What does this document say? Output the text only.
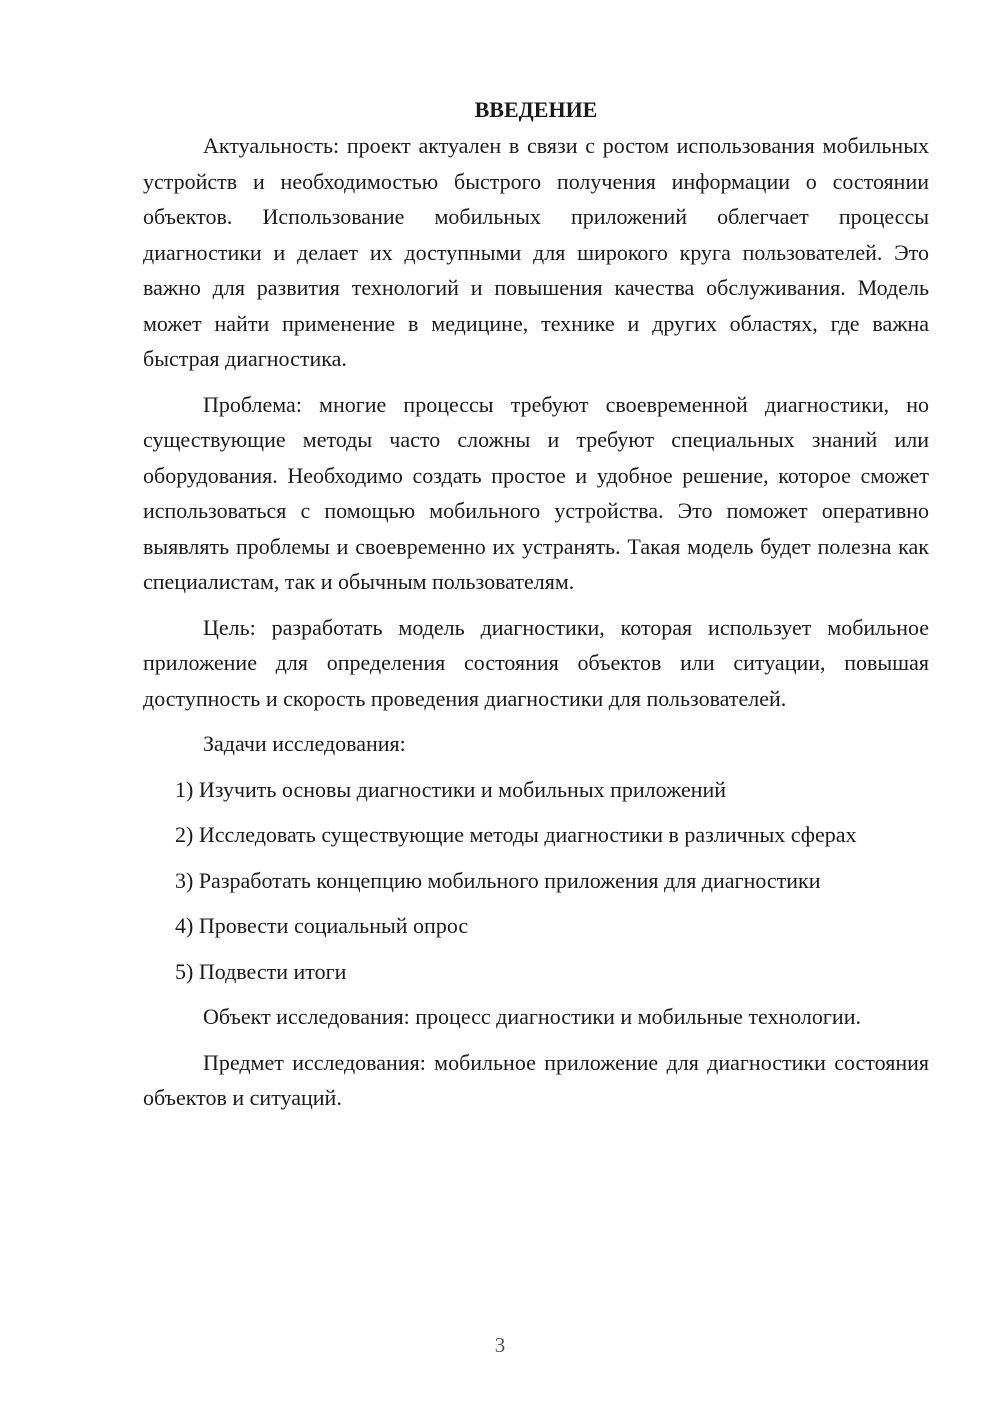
ВВЕДЕНИЕ

Актуальность: проект актуален в связи с ростом использования мобильных устройств и необходимостью быстрого получения информации о состоянии объектов. Использование мобильных приложений облегчает процессы диагностики и делает их доступными для широкого круга пользователей. Это важно для развития технологий и повышения качества обслуживания. Модель может найти применение в медицине, технике и других областях, где важна быстрая диагностика.

Проблема: многие процессы требуют своевременной диагностики, но существующие методы часто сложны и требуют специальных знаний или оборудования. Необходимо создать простое и удобное решение, которое сможет использоваться с помощью мобильного устройства. Это поможет оперативно выявлять проблемы и своевременно их устранять. Такая модель будет полезна как специалистам, так и обычным пользователям.

Цель: разработать модель диагностики, которая использует мобильное приложение для определения состояния объектов или ситуации, повышая доступность и скорость проведения диагностики для пользователей.

Задачи исследования:

1) Изучить основы диагностики и мобильных приложений

2) Исследовать существующие методы диагностики в различных сферах

3) Разработать концепцию мобильного приложения для диагностики

4) Провести социальный опрос

5) Подвести итоги

Объект исследования: процесс диагностики и мобильные технологии.

Предмет исследования: мобильное приложение для диагностики состояния объектов и ситуаций.

3
